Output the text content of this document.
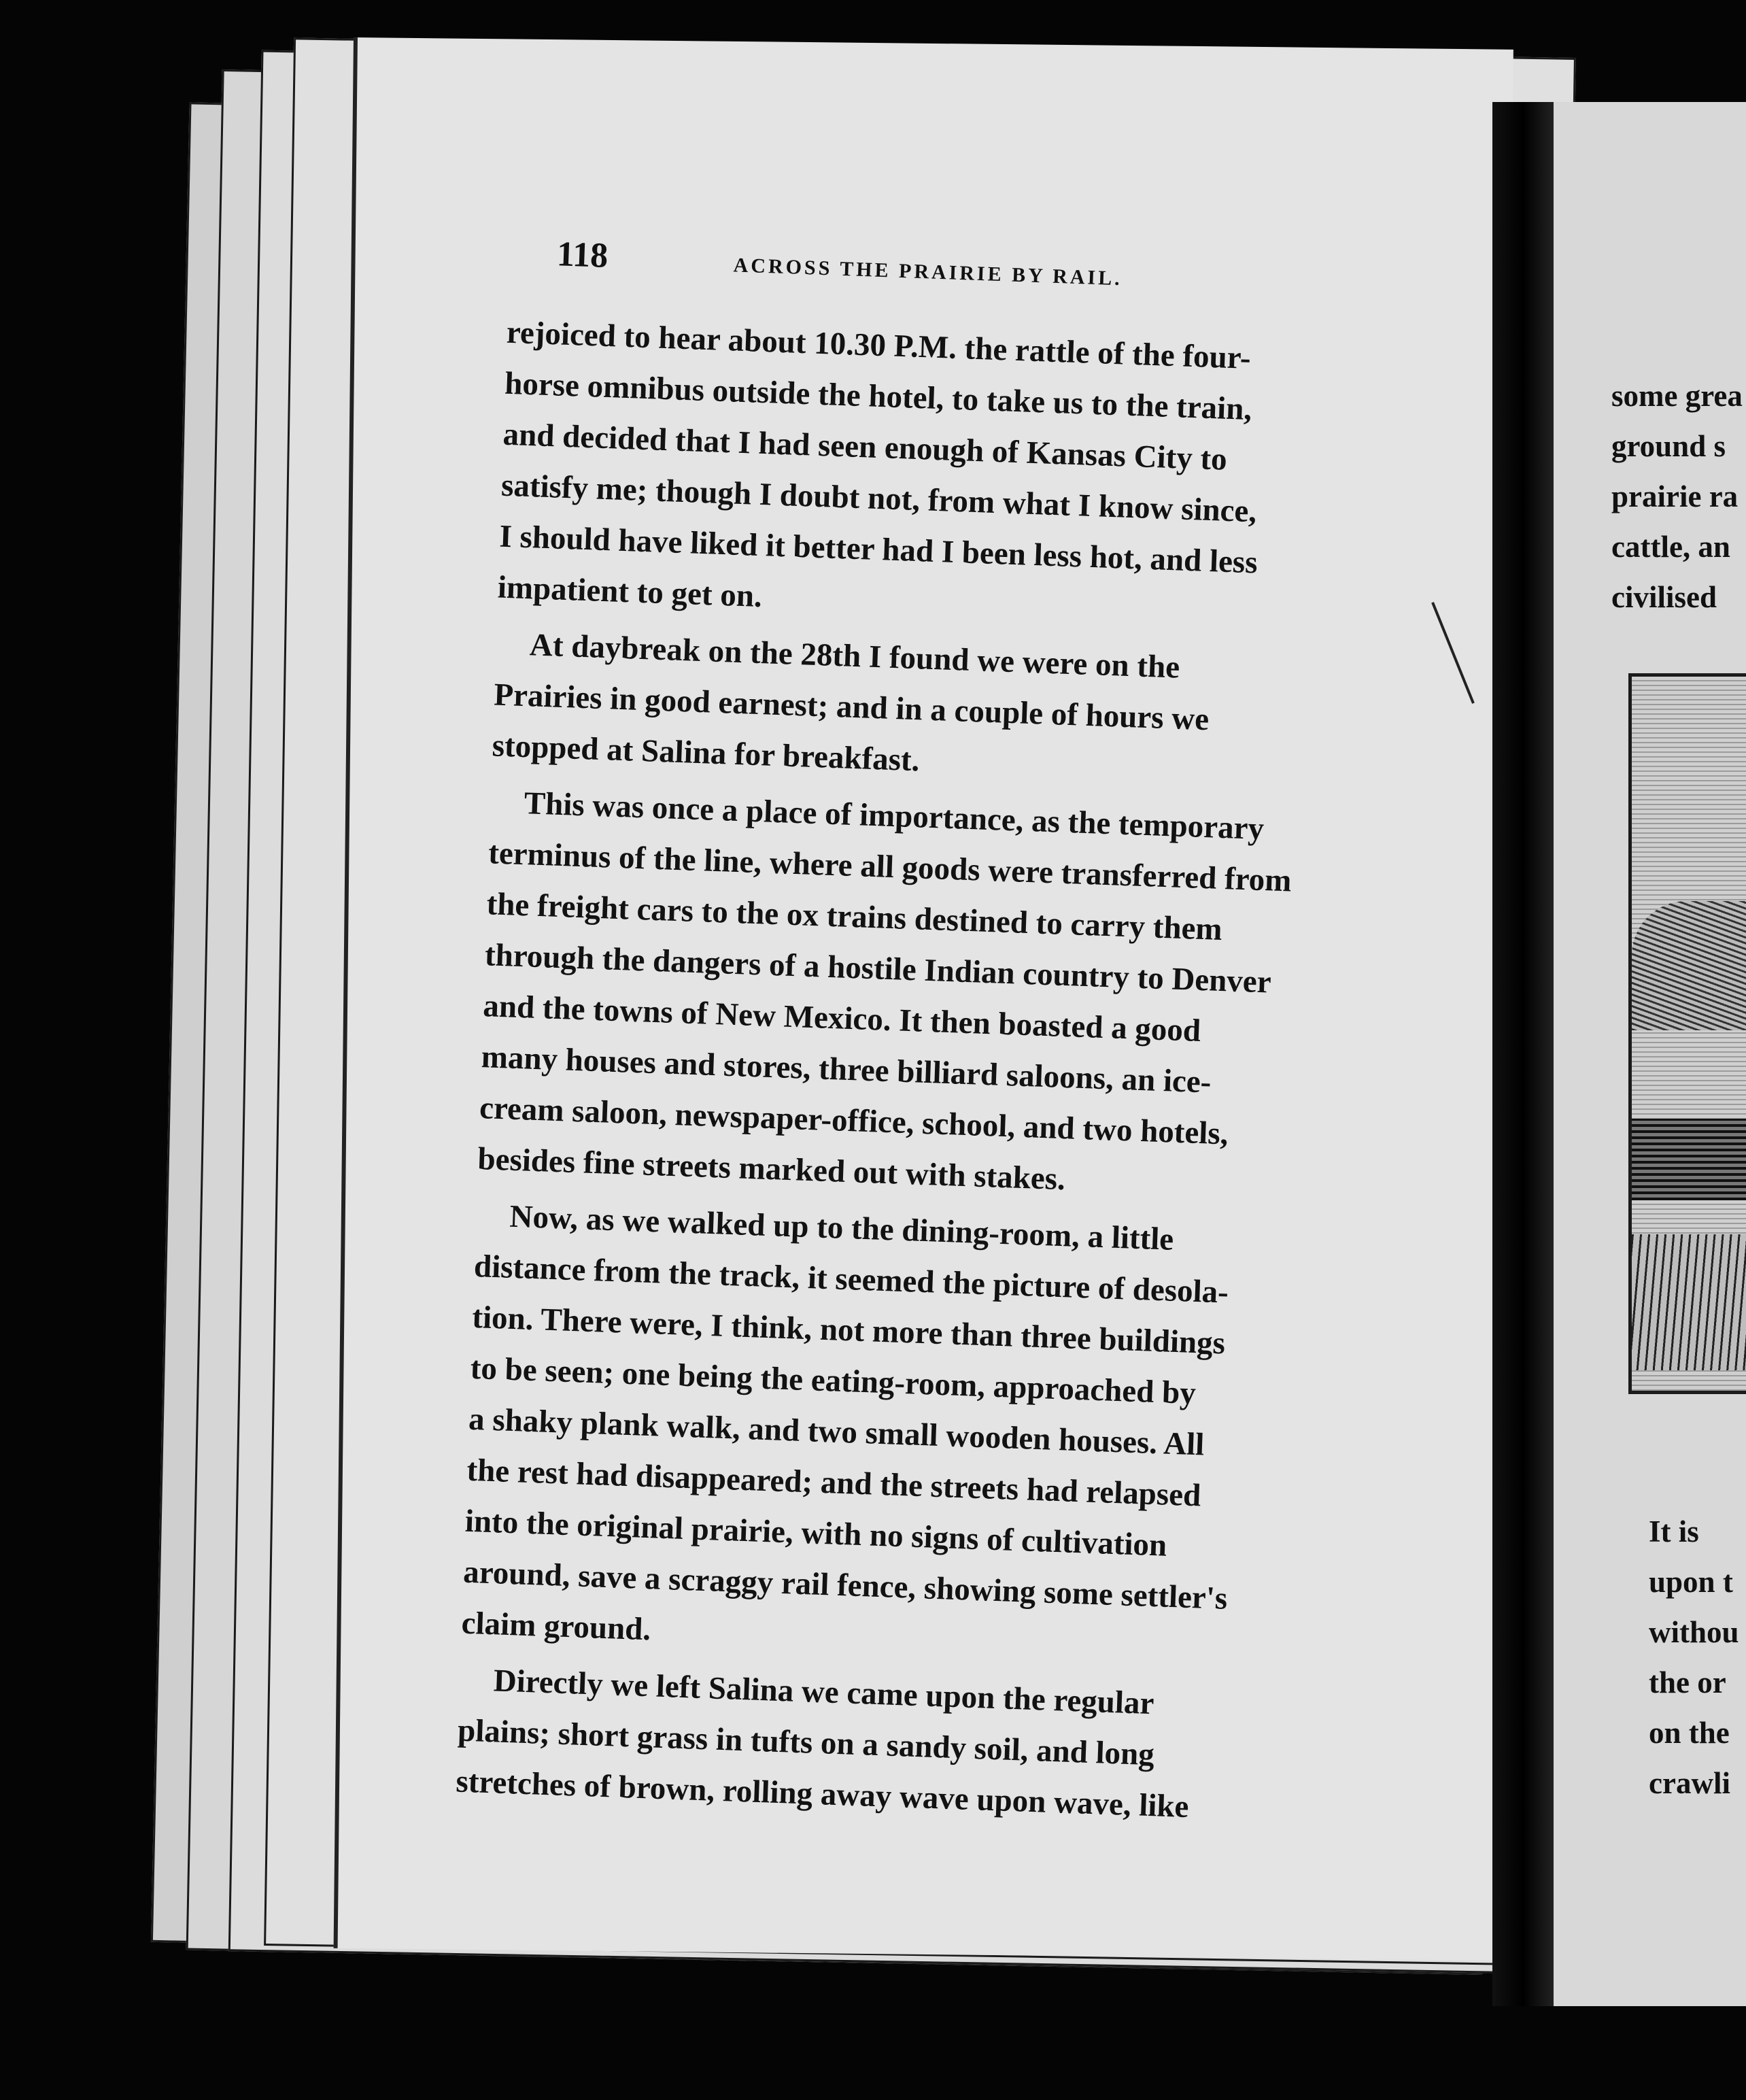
118	ACROSS THE PRAIRIE BY RAIL.

rejoiced to hear about 10.30 P.M. the rattle of the four-
horse omnibus outside the hotel, to take us to the train,
and decided that I had seen enough of Kansas City to
satisfy me; though I doubt not, from what I know since,
I should have liked it better had I been less hot, and less
impatient to get on.

At daybreak on the 28th I found we were on the
Prairies in good earnest; and in a couple of hours we
stopped at Salina for breakfast.

This was once a place of importance, as the temporary
terminus of the line, where all goods were transferred from
the freight cars to the ox trains destined to carry them
through the dangers of a hostile Indian country to Denver
and the towns of New Mexico. It then boasted a good
many houses and stores, three billiard saloons, an ice-
cream saloon, newspaper-office, school, and two hotels,
besides fine streets marked out with stakes.

Now, as we walked up to the dining-room, a little
distance from the track, it seemed the picture of desola-
tion. There were, I think, not more than three buildings
to be seen; one being the eating-room, approached by
a shaky plank walk, and two small wooden houses. All
the rest had disappeared; and the streets had relapsed
into the original prairie, with no signs of cultivation
around, save a scraggy rail fence, showing some settler's
claim ground.

Directly we left Salina we came upon the regular
plains; short grass in tufts on a sandy soil, and long
stretches of brown, rolling away wave upon wave, like

some grea
ground s
prairie ra
cattle, an
civilised
It is
upon t
withou
the or
on the
crawli
